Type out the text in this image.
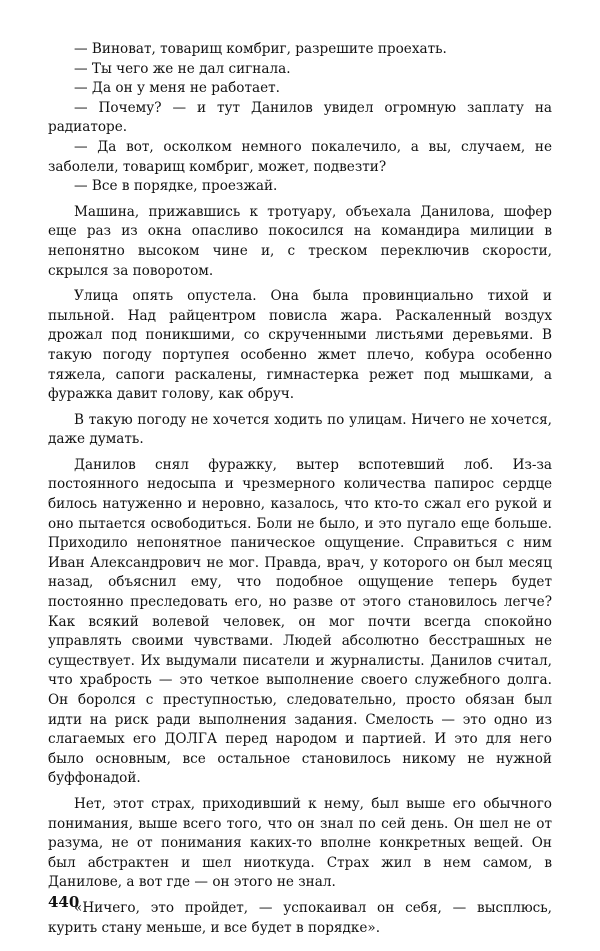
— Виноват, товарищ комбриг, разрешите проехать.

— Ты чего же не дал сигнала.

— Да он у меня не работает.

— Почему? — и тут Данилов увидел огромную заплату на радиаторе.

— Да вот, осколком немного покалечило, а вы, случаем, не заболели, товарищ комбриг, может, подвезти?

— Все в порядке, проезжай.

Машина, прижавшись к тротуару, объехала Данилова, шофер еще раз из окна опасливо покосился на командира милиции в непонятно высоком чине и, с треском переключив скорости, скрылся за поворотом.

Улица опять опустела. Она была провинциально тихой и пыльной. Над райцентром повисла жара. Раскаленный воздух дрожал под поникшими, со скрученными листьями деревьями. В такую погоду портупея особенно жмет плечо, кобура особенно тяжела, сапоги раскалены, гимнастерка режет под мышками, а фуражка давит голову, как обруч.

В такую погоду не хочется ходить по улицам. Ничего не хочется, даже думать.

Данилов снял фуражку, вытер вспотевший лоб. Из-за постоянного недосыпа и чрезмерного количества папирос сердце билось натуженно и неровно, казалось, что кто-то сжал его рукой и оно пытается освободиться. Боли не было, и это пугало еще больше. Приходило непонятное паническое ощущение. Справиться с ним Иван Александрович не мог. Правда, врач, у которого он был месяц назад, объяснил ему, что подобное ощущение теперь будет постоянно преследовать его, но разве от этого становилось легче? Как всякий волевой человек, он мог почти всегда спокойно управлять своими чувствами. Людей абсолютно бесстрашных не существует. Их выдумали писатели и журналисты. Данилов считал, что храбрость — это четкое выполнение своего служебного долга. Он боролся с преступностью, следовательно, просто обязан был идти на риск ради выполнения задания. Смелость — это одно из слагаемых его ДОЛГА перед народом и партией. И это для него было основным, все остальное становилось никому не нужной буффонадой.

Нет, этот страх, приходивший к нему, был выше его обычного понимания, выше всего того, что он знал по сей день. Он шел не от разума, не от понимания каких-то вполне конкретных вещей. Он был абстрактен и шел ниоткуда. Страх жил в нем самом, в Данилове, а вот где — он этого не знал.

«Ничего, это пройдет, — успокаивал он себя, — высплюсь, курить стану меньше, и все будет в порядке».

440
